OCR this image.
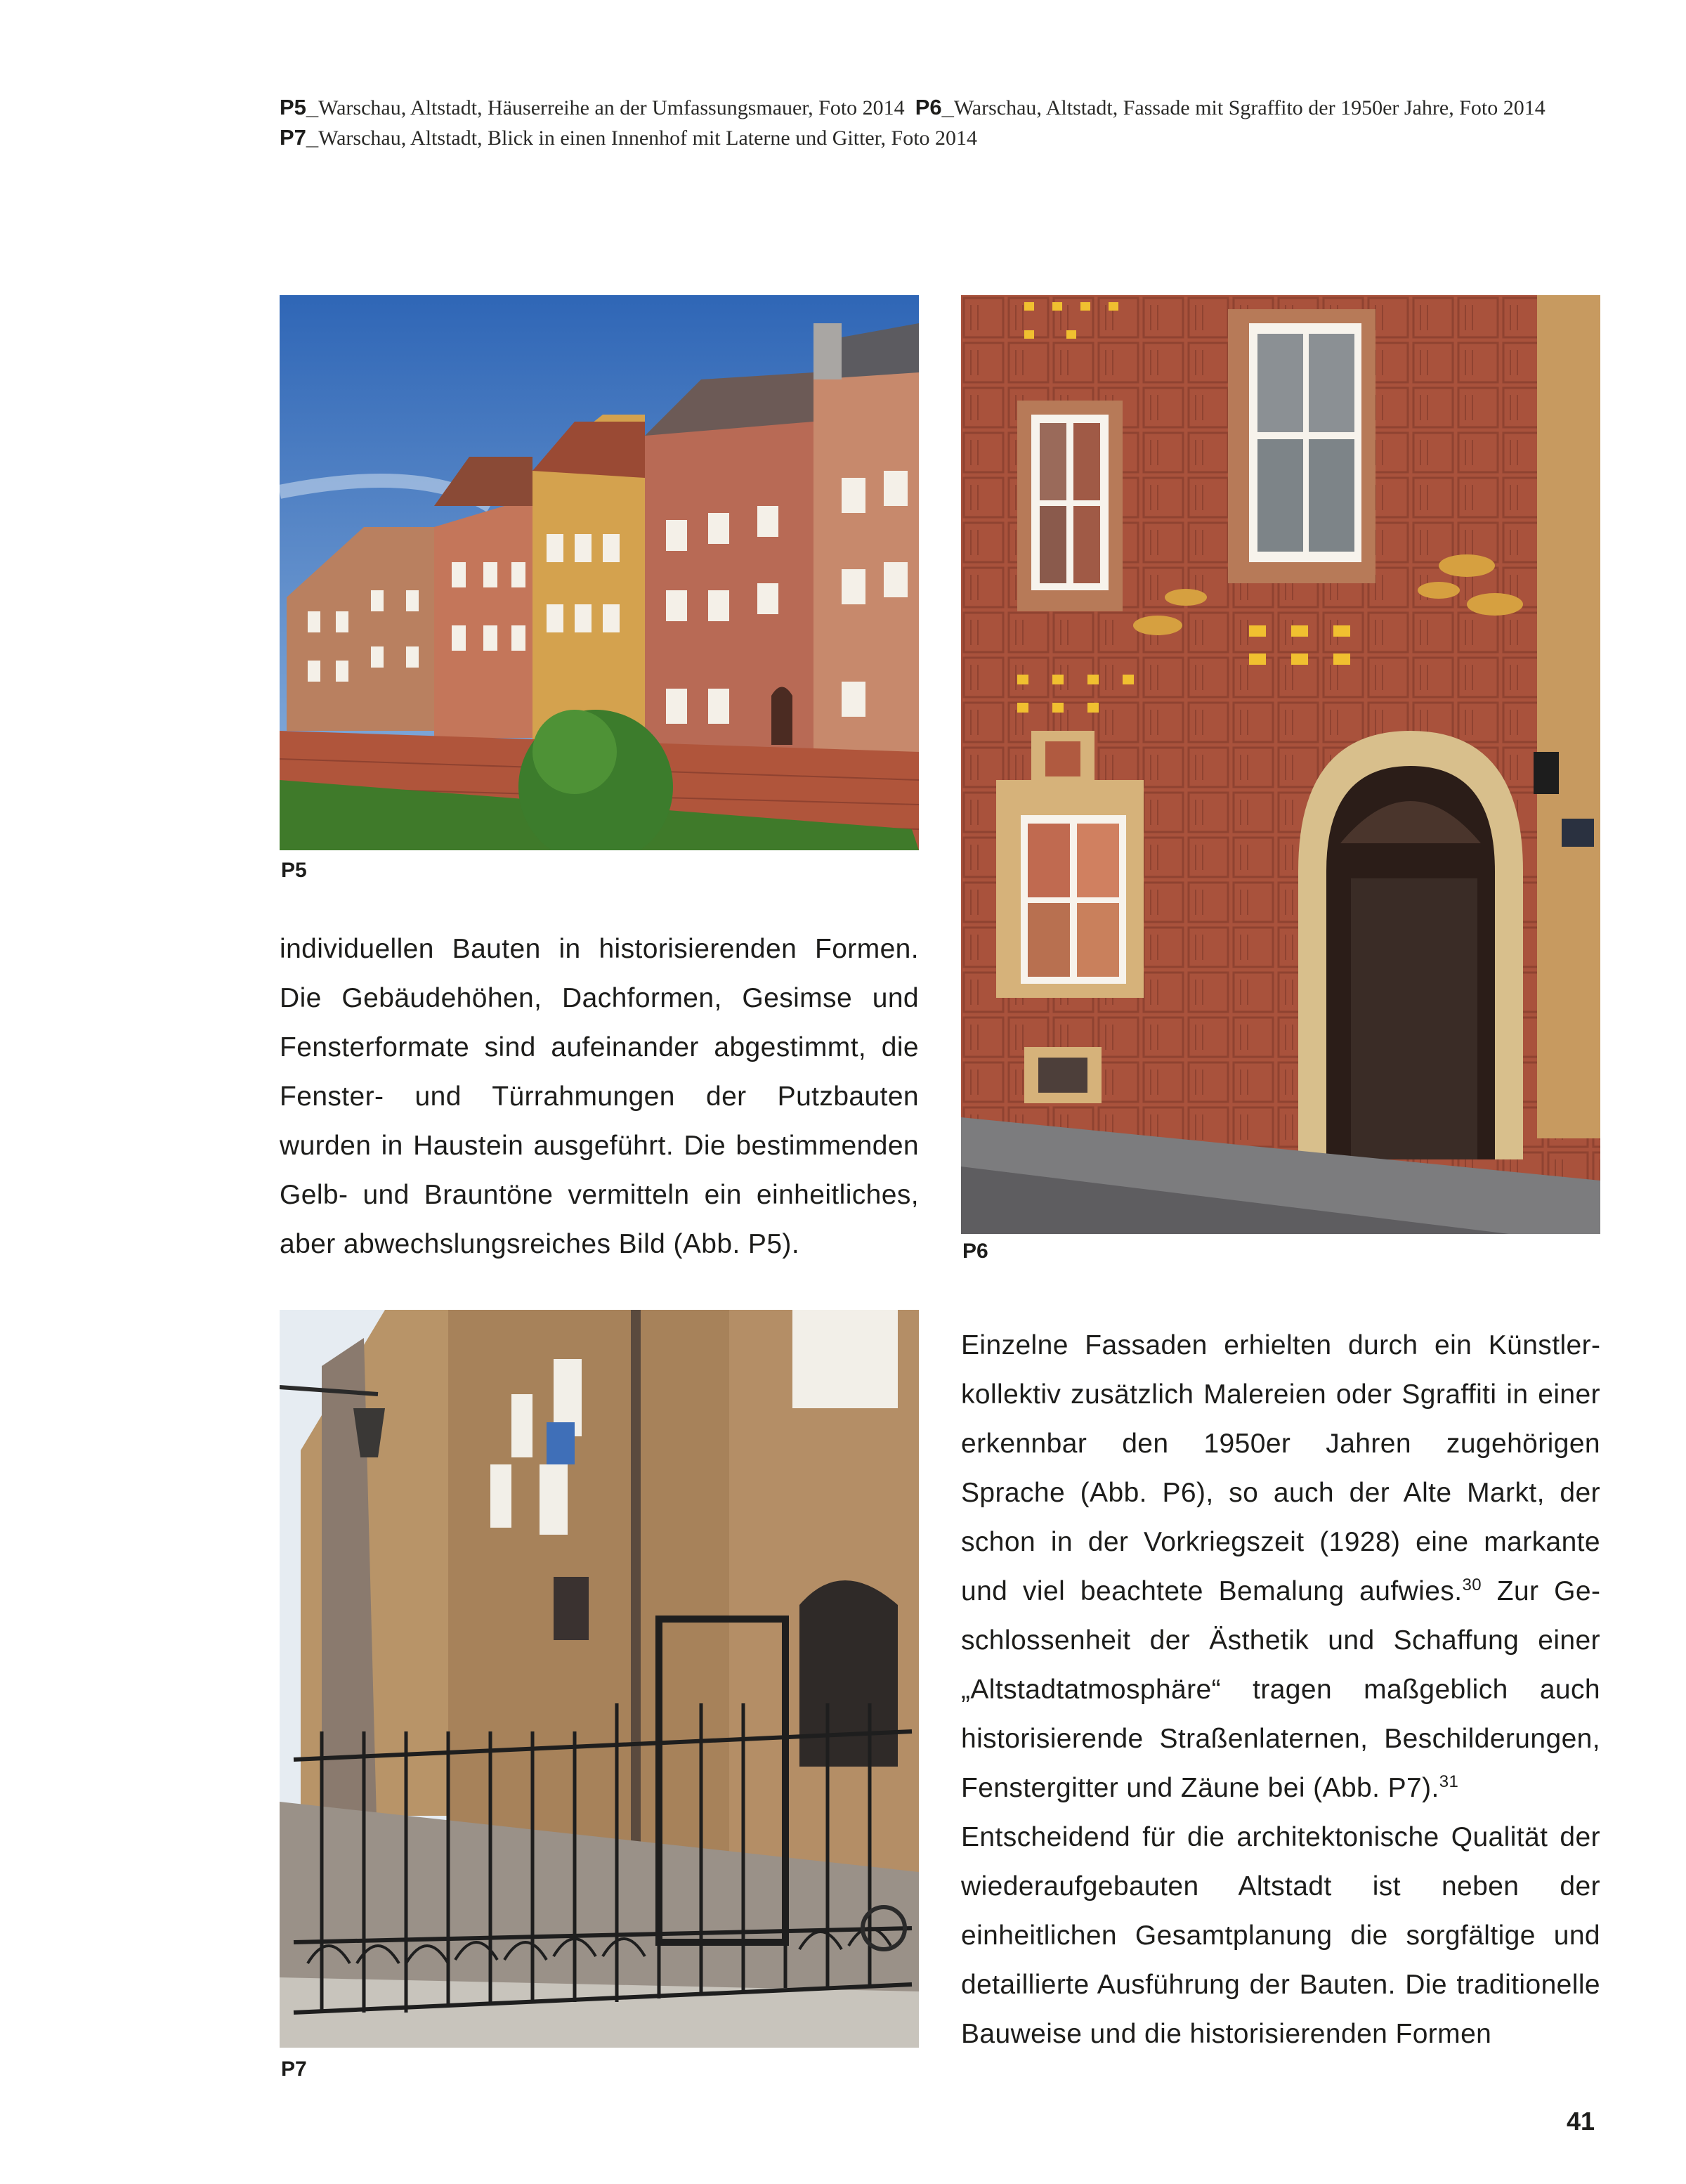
P5_Warschau, Altstadt, Häuserreihe an der Umfassungsmauer, Foto 2014 P6_Warschau, Altstadt, Fassade mit Sgraffito der 1950er Jahre, Foto 2014  P7_Warschau, Altstadt, Blick in einen Innenhof mit Laterne und Gitter, Foto 2014
P5
P6
P7

individuellen Bauten in historisierenden Formen. Die Gebäudehöhen, Dachformen, Gesimse und Fensterformate sind aufeinander abgestimmt, die Fenster- und Türrahmungen der Putzbauten wurden in Haustein ausgeführt. Die bestimmenden Gelb- und Brauntöne vermitteln ein einheitliches, aber abwechslungsreiches Bild (Abb. P5).

Einzelne Fassaden erhielten durch ein Künstlerkollektiv zusätzlich Malereien oder Sgraffiti in einer erkennbar den 1950er Jahren zugehörigen Sprache (Abb. P6), so auch der Alte Markt, der schon in der Vorkriegszeit (1928) eine markante und viel beachtete Bemalung aufwies.$^{30}$ Zur Geschlossenheit der Ästhetik und Schaffung einer „Altstadtatmosphäre“ tragen maßgeblich auch historisierende Straßenlaternen, Beschilderungen, Fenstergitter und Zäune bei (Abb. P7).$^{31}$

Entscheidend für die architektonische Qualität der wiederaufgebauten Altstadt ist neben der einheitlichen Gesamtplanung die sorgfältige und detaillierte Ausführung der Bauten. Die traditionelle Bauweise und die historisierenden Formen

41
